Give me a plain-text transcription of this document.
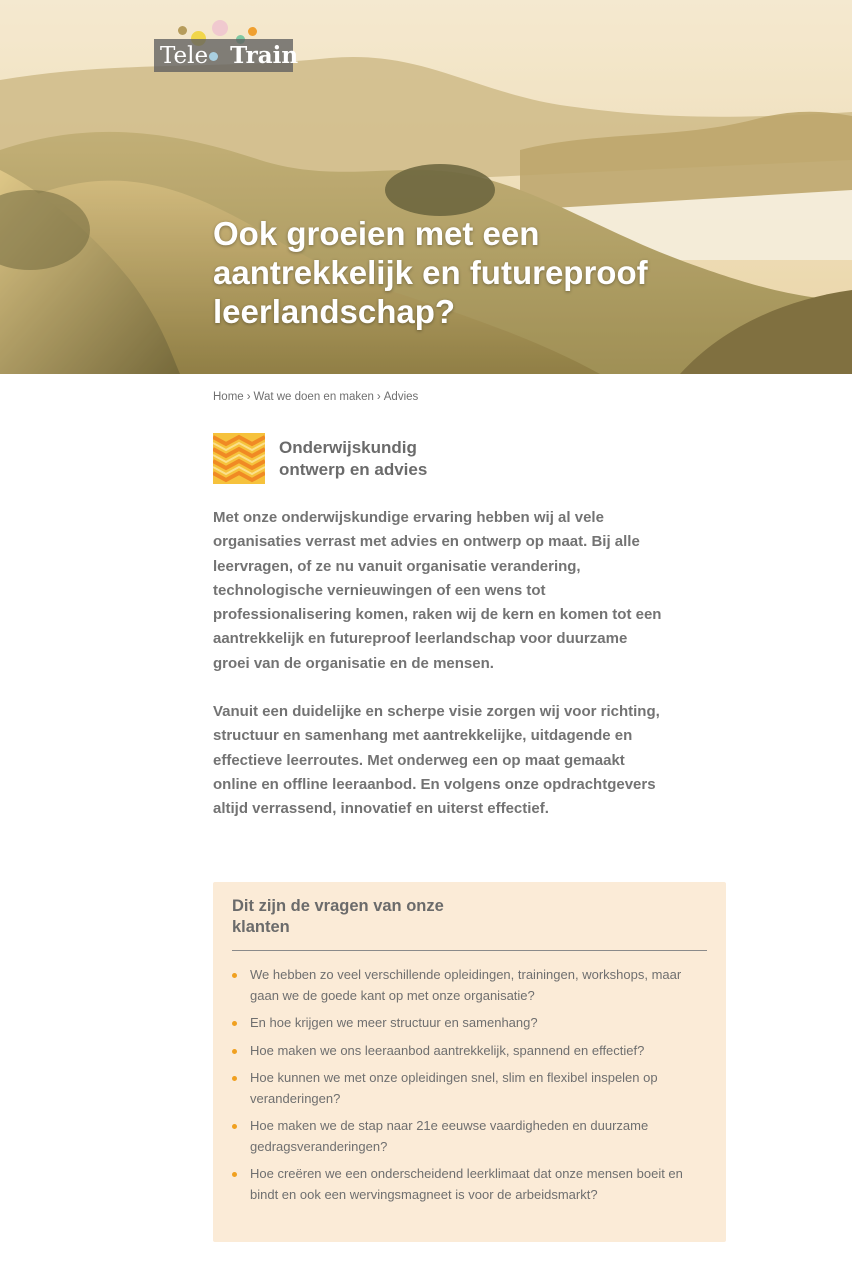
Tele Train
Ook groeien met een aantrekkelijk en futureproof leerlandschap?
Home › Wat we doen en maken › Advies
Onderwijskundig ontwerp en advies

Met onze onderwijskundige ervaring hebben wij al vele organisaties verrast met advies en ontwerp op maat. Bij alle leervragen, of ze nu vanuit organisatie verandering, technologische vernieuwingen of een wens tot professionalisering komen, raken wij de kern en komen tot een aantrekkelijk en futureproof leerlandschap voor duurzame groei van de organisatie en de mensen.

Vanuit een duidelijke en scherpe visie zorgen wij voor richting, structuur en samenhang met aantrekkelijke, uitdagende en effectieve leerroutes. Met onderweg een op maat gemaakt online en offline leeraanbod. En volgens onze opdrachtgevers altijd verrassend, innovatief en uiterst effectief.

Dit zijn de vragen van onze klanten
We hebben zo veel verschillende opleidingen, trainingen, workshops, maar gaan we de goede kant op met onze organisatie?
En hoe krijgen we meer structuur en samenhang?
Hoe maken we ons leeraanbod aantrekkelijk, spannend en effectief?
Hoe kunnen we met onze opleidingen snel, slim en flexibel inspelen op veranderingen?
Hoe maken we de stap naar 21e eeuwse vaardigheden en duurzame gedragsveranderingen?
Hoe creëren we een onderscheidend leerklimaat dat onze mensen boeit en bindt en ook een wervingsmagneet is voor de arbeidsmarkt?
